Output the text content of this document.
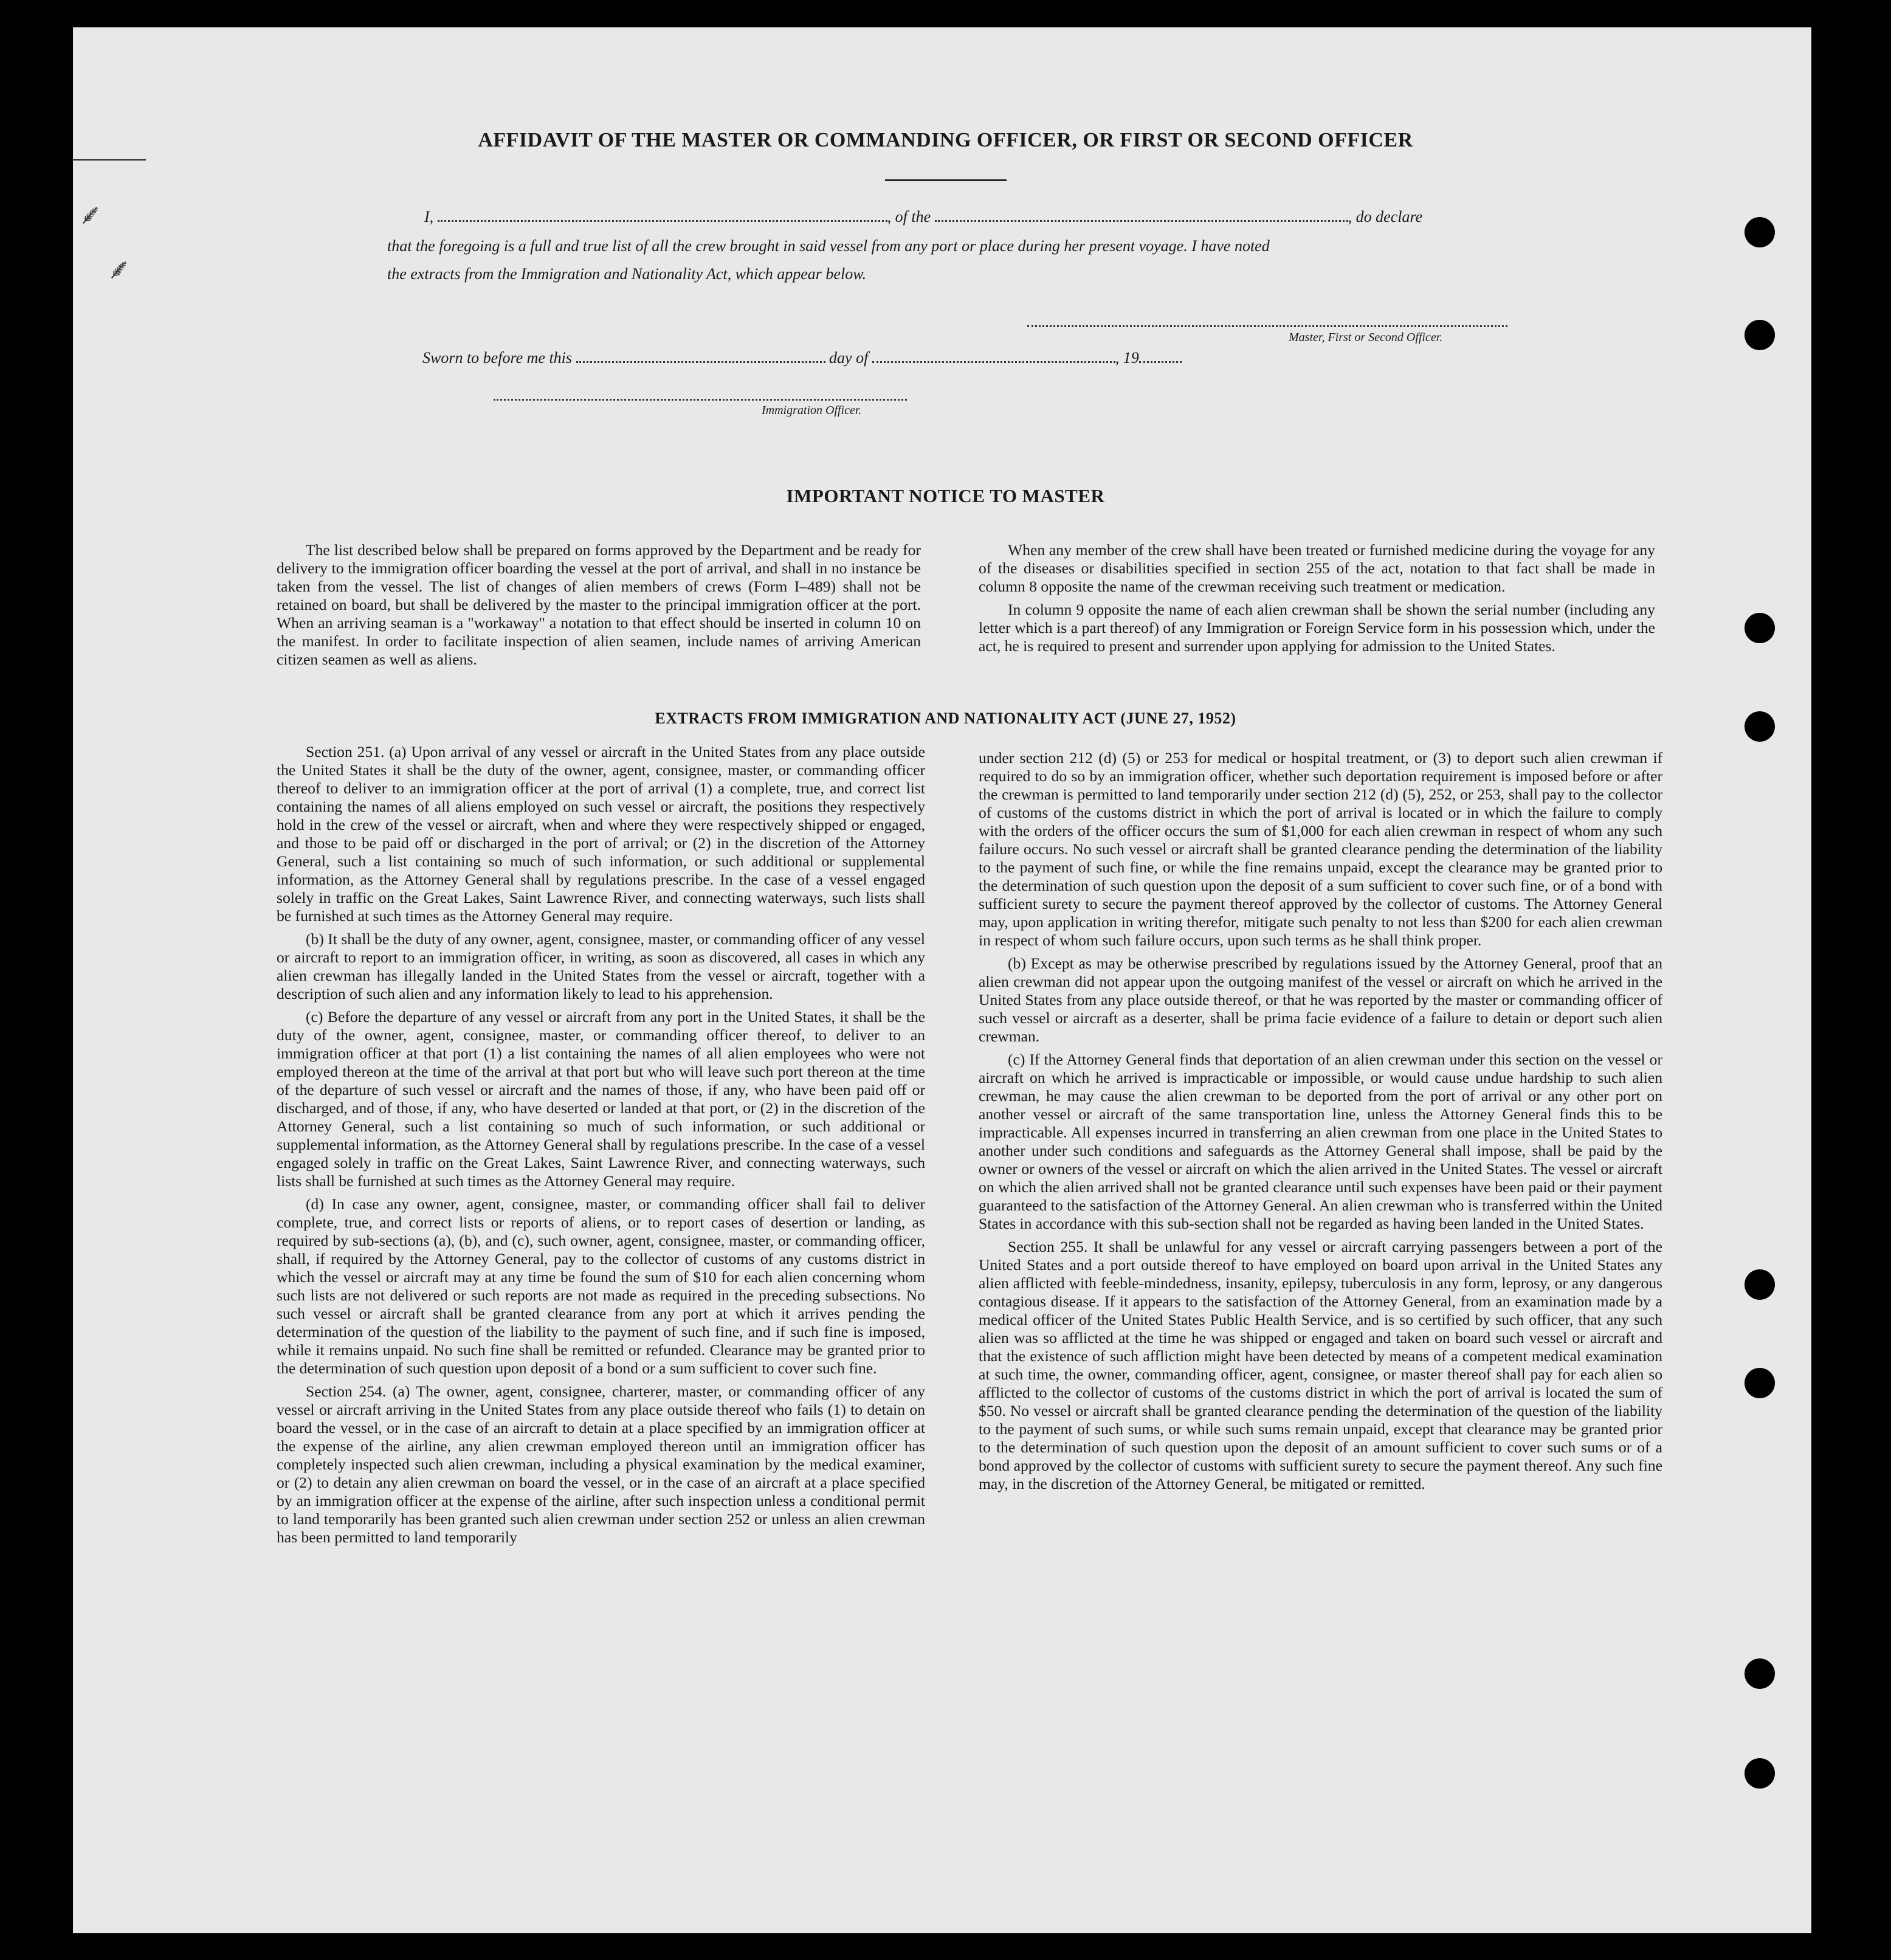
⸙
⸙
AFFIDAVIT OF THE MASTER OR COMMANDING OFFICER, OR FIRST OR SECOND OFFICER
I,	, of the	, do declare
that the foregoing is a full and true list of all the crew brought in said vessel from any port or place during her present voyage. I have noted
the extracts from the Immigration and Nationality Act, which appear below.
Master, First or Second Officer.
Sworn to before me this	day of	, 19
Immigration Officer.
IMPORTANT NOTICE TO MASTER

The list described below shall be prepared on forms approved by the Department and be ready for delivery to the immigration officer boarding the vessel at the port of arrival, and shall in no instance be taken from the vessel. The list of changes of alien members of crews (Form I–489) shall not be retained on board, but shall be delivered by the master to the principal immigration officer at the port. When an arriving seaman is a "workaway" a notation to that effect should be inserted in column 10 on the manifest. In order to facilitate inspection of alien seamen, include names of arriving American citizen seamen as well as aliens.

When any member of the crew shall have been treated or furnished medicine during the voyage for any of the diseases or disabilities specified in section 255 of the act, notation to that fact shall be made in column 8 opposite the name of the crewman receiving such treatment or medication.

In column 9 opposite the name of each alien crewman shall be shown the serial number (including any letter which is a part thereof) of any Immigration or Foreign Service form in his possession which, under the act, he is required to present and surrender upon applying for admission to the United States.

EXTRACTS FROM IMMIGRATION AND NATIONALITY ACT (JUNE 27, 1952)

Section 251. (a) Upon arrival of any vessel or aircraft in the United States from any place outside the United States it shall be the duty of the owner, agent, consignee, master, or commanding officer thereof to deliver to an immigration officer at the port of arrival (1) a complete, true, and correct list containing the names of all aliens employed on such vessel or aircraft, the positions they respectively hold in the crew of the vessel or aircraft, when and where they were respectively shipped or engaged, and those to be paid off or discharged in the port of arrival; or (2) in the discretion of the Attorney General, such a list containing so much of such information, or such additional or supplemental information, as the Attorney General shall by regulations prescribe. In the case of a vessel engaged solely in traffic on the Great Lakes, Saint Lawrence River, and connecting waterways, such lists shall be furnished at such times as the Attorney General may require.

(b) It shall be the duty of any owner, agent, consignee, master, or commanding officer of any vessel or aircraft to report to an immigration officer, in writing, as soon as discovered, all cases in which any alien crewman has illegally landed in the United States from the vessel or aircraft, together with a description of such alien and any information likely to lead to his apprehension.

(c) Before the departure of any vessel or aircraft from any port in the United States, it shall be the duty of the owner, agent, consignee, master, or commanding officer thereof, to deliver to an immigration officer at that port (1) a list containing the names of all alien employees who were not employed thereon at the time of the arrival at that port but who will leave such port thereon at the time of the departure of such vessel or aircraft and the names of those, if any, who have been paid off or discharged, and of those, if any, who have deserted or landed at that port, or (2) in the discretion of the Attorney General, such a list containing so much of such information, or such additional or supplemental information, as the Attorney General shall by regulations prescribe. In the case of a vessel engaged solely in traffic on the Great Lakes, Saint Lawrence River, and connecting waterways, such lists shall be furnished at such times as the Attorney General may require.

(d) In case any owner, agent, consignee, master, or commanding officer shall fail to deliver complete, true, and correct lists or reports of aliens, or to report cases of desertion or landing, as required by sub-sections (a), (b), and (c), such owner, agent, consignee, master, or commanding officer, shall, if required by the Attorney General, pay to the collector of customs of any customs district in which the vessel or aircraft may at any time be found the sum of $10 for each alien concerning whom such lists are not delivered or such reports are not made as required in the preceding subsections. No such vessel or aircraft shall be granted clearance from any port at which it arrives pending the determination of the question of the liability to the payment of such fine, and if such fine is imposed, while it remains unpaid. No such fine shall be remitted or refunded. Clearance may be granted prior to the determination of such question upon deposit of a bond or a sum sufficient to cover such fine.

Section 254. (a) The owner, agent, consignee, charterer, master, or commanding officer of any vessel or aircraft arriving in the United States from any place outside thereof who fails (1) to detain on board the vessel, or in the case of an aircraft to detain at a place specified by an immigration officer at the expense of the airline, any alien crewman employed thereon until an immigration officer has completely inspected such alien crewman, including a physical examination by the medical examiner, or (2) to detain any alien crewman on board the vessel, or in the case of an aircraft at a place specified by an immigration officer at the expense of the airline, after such inspection unless a conditional permit to land temporarily has been granted such alien crewman under section 252 or unless an alien crewman has been permitted to land temporarily

under section 212 (d) (5) or 253 for medical or hospital treatment, or (3) to deport such alien crewman if required to do so by an immigration officer, whether such deportation requirement is imposed before or after the crewman is permitted to land temporarily under section 212 (d) (5), 252, or 253, shall pay to the collector of customs of the customs district in which the port of arrival is located or in which the failure to comply with the orders of the officer occurs the sum of $1,000 for each alien crewman in respect of whom any such failure occurs. No such vessel or aircraft shall be granted clearance pending the determination of the liability to the payment of such fine, or while the fine remains unpaid, except the clearance may be granted prior to the determination of such question upon the deposit of a sum sufficient to cover such fine, or of a bond with sufficient surety to secure the payment thereof approved by the collector of customs. The Attorney General may, upon application in writing therefor, mitigate such penalty to not less than $200 for each alien crewman in respect of whom such failure occurs, upon such terms as he shall think proper.

(b) Except as may be otherwise prescribed by regulations issued by the Attorney General, proof that an alien crewman did not appear upon the outgoing manifest of the vessel or aircraft on which he arrived in the United States from any place outside thereof, or that he was reported by the master or commanding officer of such vessel or aircraft as a deserter, shall be prima facie evidence of a failure to detain or deport such alien crewman.

(c) If the Attorney General finds that deportation of an alien crewman under this section on the vessel or aircraft on which he arrived is impracticable or impossible, or would cause undue hardship to such alien crewman, he may cause the alien crewman to be deported from the port of arrival or any other port on another vessel or aircraft of the same transportation line, unless the Attorney General finds this to be impracticable. All expenses incurred in transferring an alien crewman from one place in the United States to another under such conditions and safeguards as the Attorney General shall impose, shall be paid by the owner or owners of the vessel or aircraft on which the alien arrived in the United States. The vessel or aircraft on which the alien arrived shall not be granted clearance until such expenses have been paid or their payment guaranteed to the satisfaction of the Attorney General. An alien crewman who is transferred within the United States in accordance with this sub-section shall not be regarded as having been landed in the United States.

Section 255. It shall be unlawful for any vessel or aircraft carrying passengers between a port of the United States and a port outside thereof to have employed on board upon arrival in the United States any alien afflicted with feeble-mindedness, insanity, epilepsy, tuberculosis in any form, leprosy, or any dangerous contagious disease. If it appears to the satisfaction of the Attorney General, from an examination made by a medical officer of the United States Public Health Service, and is so certified by such officer, that any such alien was so afflicted at the time he was shipped or engaged and taken on board such vessel or aircraft and that the existence of such affliction might have been detected by means of a competent medical examination at such time, the owner, commanding officer, agent, consignee, or master thereof shall pay for each alien so afflicted to the collector of customs of the customs district in which the port of arrival is located the sum of $50. No vessel or aircraft shall be granted clearance pending the determination of the question of the liability to the payment of such sums, or while such sums remain unpaid, except that clearance may be granted prior to the determination of such question upon the deposit of an amount sufficient to cover such sums or of a bond approved by the collector of customs with sufficient surety to secure the payment thereof. Any such fine may, in the discretion of the Attorney General, be mitigated or remitted.
